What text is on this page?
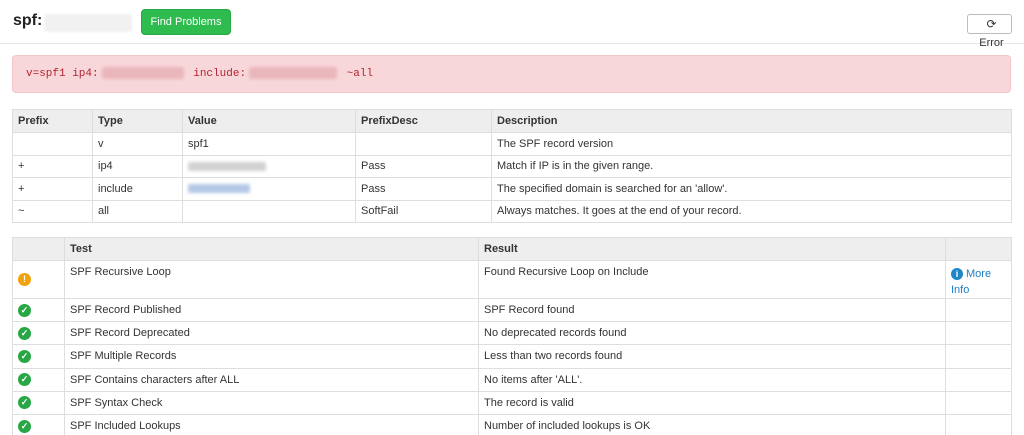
spf:	Find Problems	⟳ Error
v=spf1 ip4:	include:	~all
Prefix	Type	Value	PrefixDesc	Description
	v	spf1		The SPF record version
+	ip4		Pass	Match if IP is in the given range.
+	include		Pass	The specified domain is searched for an 'allow'.
~	all		SoftFail	Always matches. It goes at the end of your record.
	Test	Result	
!	SPF Recursive Loop	Found Recursive Loop on Include	i More Info

✓	SPF Record Published	SPF Record found	
✓	SPF Record Deprecated	No deprecated records found	
✓	SPF Multiple Records	Less than two records found	
✓	SPF Contains characters after ALL	No items after 'ALL'.	
✓	SPF Syntax Check	The record is valid	
✓	SPF Included Lookups	Number of included lookups is OK	
